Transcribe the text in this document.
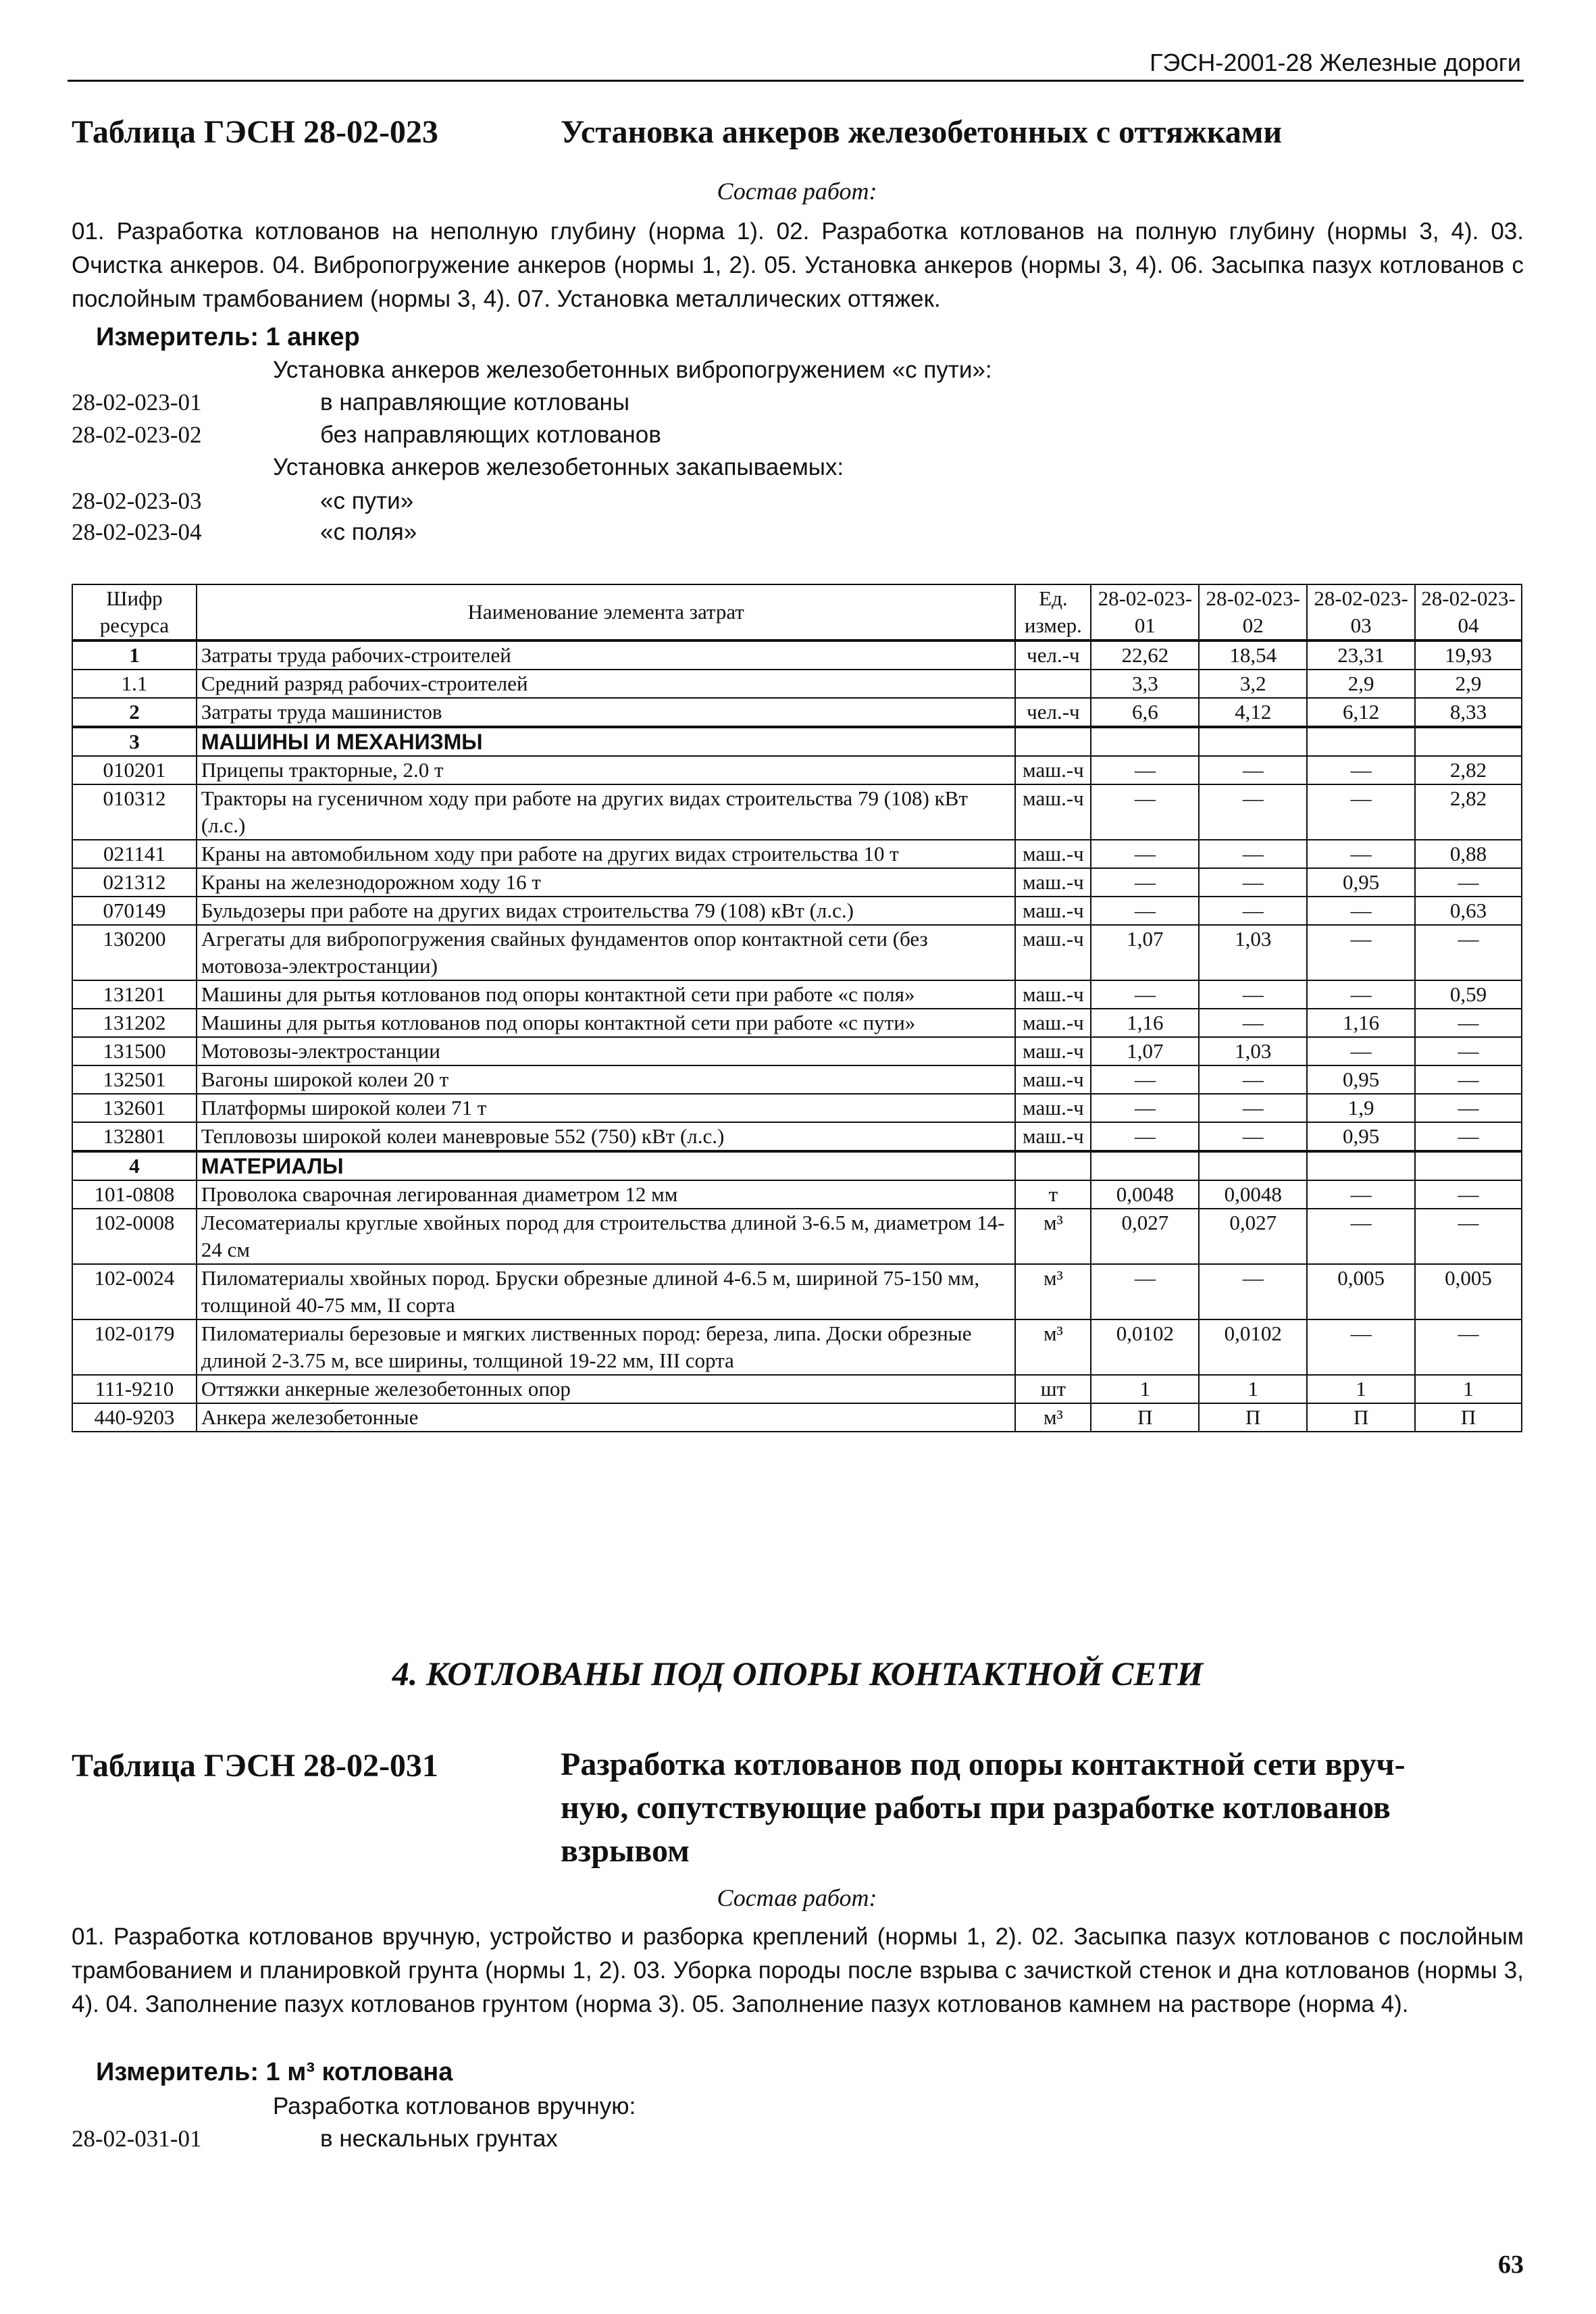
ГЭСН-2001-28 Железные дороги
Таблица ГЭСН 28-02-023	Установка анкеров железобетонных с оттяжками
Состав работ:
01. Разработка котлованов на неполную глубину (норма 1). 02. Разработка котлованов на полную глубину (нормы 3, 4). 03. Очистка анкеров. 04. Вибропогружение анкеров (нормы 1, 2). 05. Установка анкеров (нормы 3, 4). 06. Засыпка пазух котлованов с послойным трамбованием (нормы 3, 4). 07. Установка металлических оттяжек.
Измеритель: 1 анкер
Установка анкеров железобетонных вибропогружением «с пути»:
28-02-023-01	в направляющие котлованы
28-02-023-02	без направляющих котлованов
Установка анкеров железобетонных закапываемых:
28-02-023-03	«с пути»
28-02-023-04	«с поля»
Шифр ресурса	Наименование элемента затрат	Ед. измер.	28-02-023-01	28-02-023-02	28-02-023-03	28-02-023-04
1	Затраты труда рабочих-строителей	чел.-ч	22,62	18,54	23,31	19,93
1.1	Средний разряд рабочих-строителей		3,3	3,2	2,9	2,9
2	Затраты труда машинистов	чел.-ч	6,6	4,12	6,12	8,33
3	МАШИНЫ И МЕХАНИЗМЫ					
010201	Прицепы тракторные, 2.0 т	маш.-ч	—	—	—	2,82
010312	Тракторы на гусеничном ходу при работе на других видах строительства 79 (108) кВт (л.с.)	маш.-ч	—	—	—	2,82
021141	Краны на автомобильном ходу при работе на других видах строительства 10 т	маш.-ч	—	—	—	0,88
021312	Краны на железнодорожном ходу 16 т	маш.-ч	—	—	0,95	—
070149	Бульдозеры при работе на других видах строительства 79 (108) кВт (л.с.)	маш.-ч	—	—	—	0,63
130200	Агрегаты для вибропогружения свайных фундаментов опор контактной сети (без мотовоза-электростанции)	маш.-ч	1,07	1,03	—	—
131201	Машины для рытья котлованов под опоры контактной сети при работе «с поля»	маш.-ч	—	—	—	0,59
131202	Машины для рытья котлованов под опоры контактной сети при работе «с пути»	маш.-ч	1,16	—	1,16	—
131500	Мотовозы-электростанции	маш.-ч	1,07	1,03	—	—
132501	Вагоны широкой колеи 20 т	маш.-ч	—	—	0,95	—
132601	Платформы широкой колеи 71 т	маш.-ч	—	—	1,9	—
132801	Тепловозы широкой колеи маневровые 552 (750) кВт (л.с.)	маш.-ч	—	—	0,95	—
4	МАТЕРИАЛЫ					
101-0808	Проволока сварочная легированная диаметром 12 мм	т	0,0048	0,0048	—	—
102-0008	Лесоматериалы круглые хвойных пород для строительства длиной 3-6.5 м, диаметром 14-24 см	м³	0,027	0,027	—	—
102-0024	Пиломатериалы хвойных пород. Бруски обрезные длиной 4-6.5 м, шириной 75-150 мм, толщиной 40-75 мм, II сорта	м³	—	—	0,005	0,005
102-0179	Пиломатериалы березовые и мягких лиственных пород: береза, липа. Доски обрезные длиной 2-3.75 м, все ширины, толщиной 19-22 мм, III сорта	м³	0,0102	0,0102	—	—
111-9210	Оттяжки анкерные железобетонных опор	шт	1	1	1	1
440-9203	Анкера железобетонные	м³	П	П	П	П
4. КОТЛОВАНЫ ПОД ОПОРЫ КОНТАКТНОЙ СЕТИ
Таблица ГЭСН 28-02-031	Разработка котлованов под опоры контактной сети вруч-
ную, сопутствующие работы при разработке котлованов
взрывом
Состав работ:
01. Разработка котлованов вручную, устройство и разборка креплений (нормы 1, 2). 02. Засыпка пазух котлованов с послойным трамбованием и планировкой грунта (нормы 1, 2). 03. Уборка породы после взрыва с зачисткой стенок и дна котлованов (нормы 3, 4). 04. Заполнение пазух котлованов грунтом (норма 3). 05. Заполнение пазух котлованов камнем на растворе (норма 4).
Измеритель: 1 м³ котлована
Разработка котлованов вручную:
28-02-031-01	в нескальных грунтах
63
